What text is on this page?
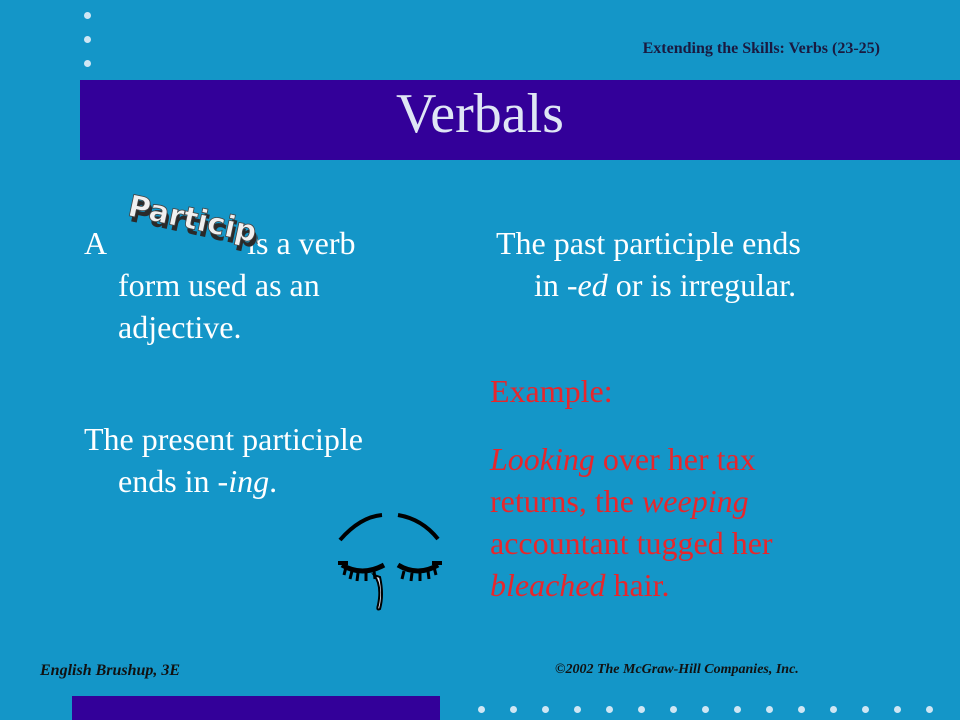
Extending the Skills: Verbs (23-25)
Verbals
A	is a verb
form used as an
adjective.
Participle
Participle
The present participle
ends in -ing.
The past participle ends
in -ed or is irregular.
Example:
Looking over her tax
returns, the weeping
accountant tugged her
bleached hair.
English Brushup, 3E	©2002 The McGraw-Hill Companies, Inc.
